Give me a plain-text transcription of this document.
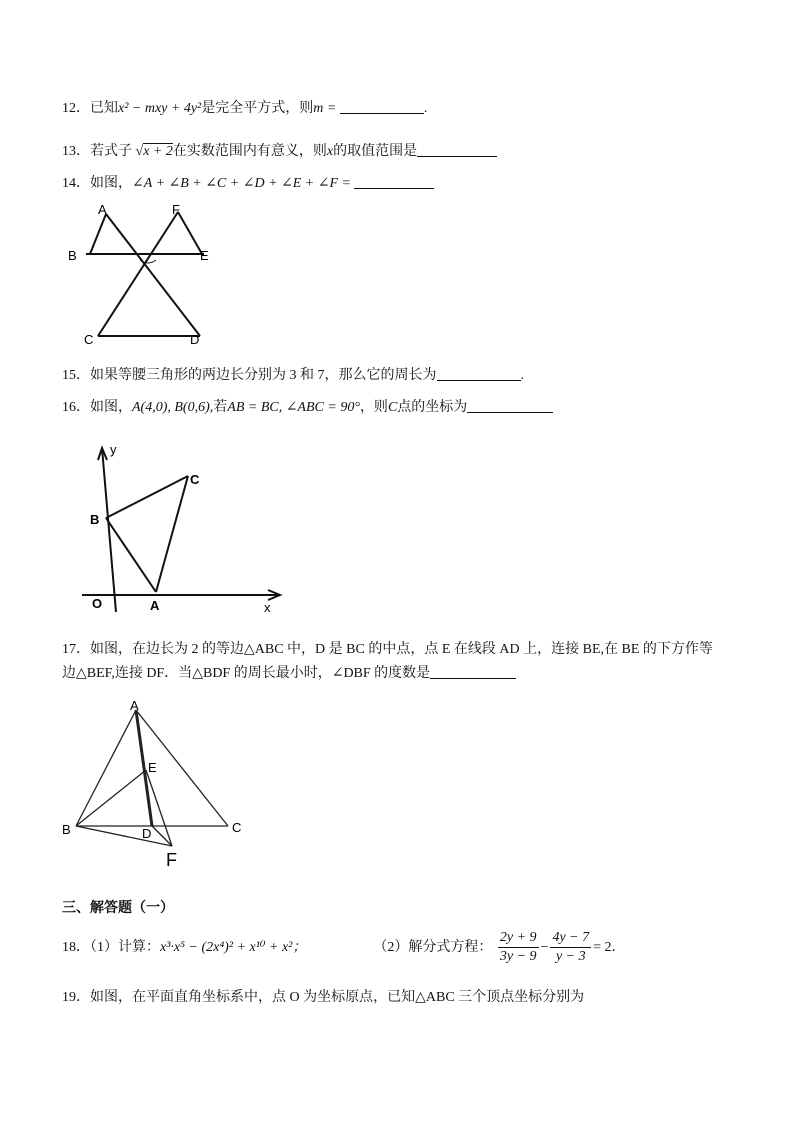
12．已知x² − mxy + 4y²是完全平方式，则m =	.
13．若式子 √x + 2在实数范围内有意义，则x的取值范围是
14．如图，∠A + ∠B + ∠C + ∠D + ∠E + ∠F =
A	F
B	E
C	D
15．如果等腰三角形的两边长分别为 3 和 7，那么它的周长为	.
16．如图，A(4,0), B(0,6),若AB = BC, ∠ABC = 90°，则C点的坐标为
y
x
O	A
B
C
17．如图，在边长为 2 的等边△ABC 中，D 是 BC 的中点，点 E 在线段 AD 上，连接 BE,在 BE 的下方作等
边△BEF,连接 DF．当△BDF 的周长最小时，∠DBF 的度数是
A
E
B	D	C
F
三、解答题（一）
18．（1）计算：x³·x⁵ − (2x⁴)² + x¹⁰ + x²；	（2）解分式方程： $\frac{2y + 9}{3y - 9} - \frac{4y - 7}{y - 3} = 2$．
19．如图，在平面直角坐标系中，点 O 为坐标原点，已知△ABC 三个顶点坐标分别为
